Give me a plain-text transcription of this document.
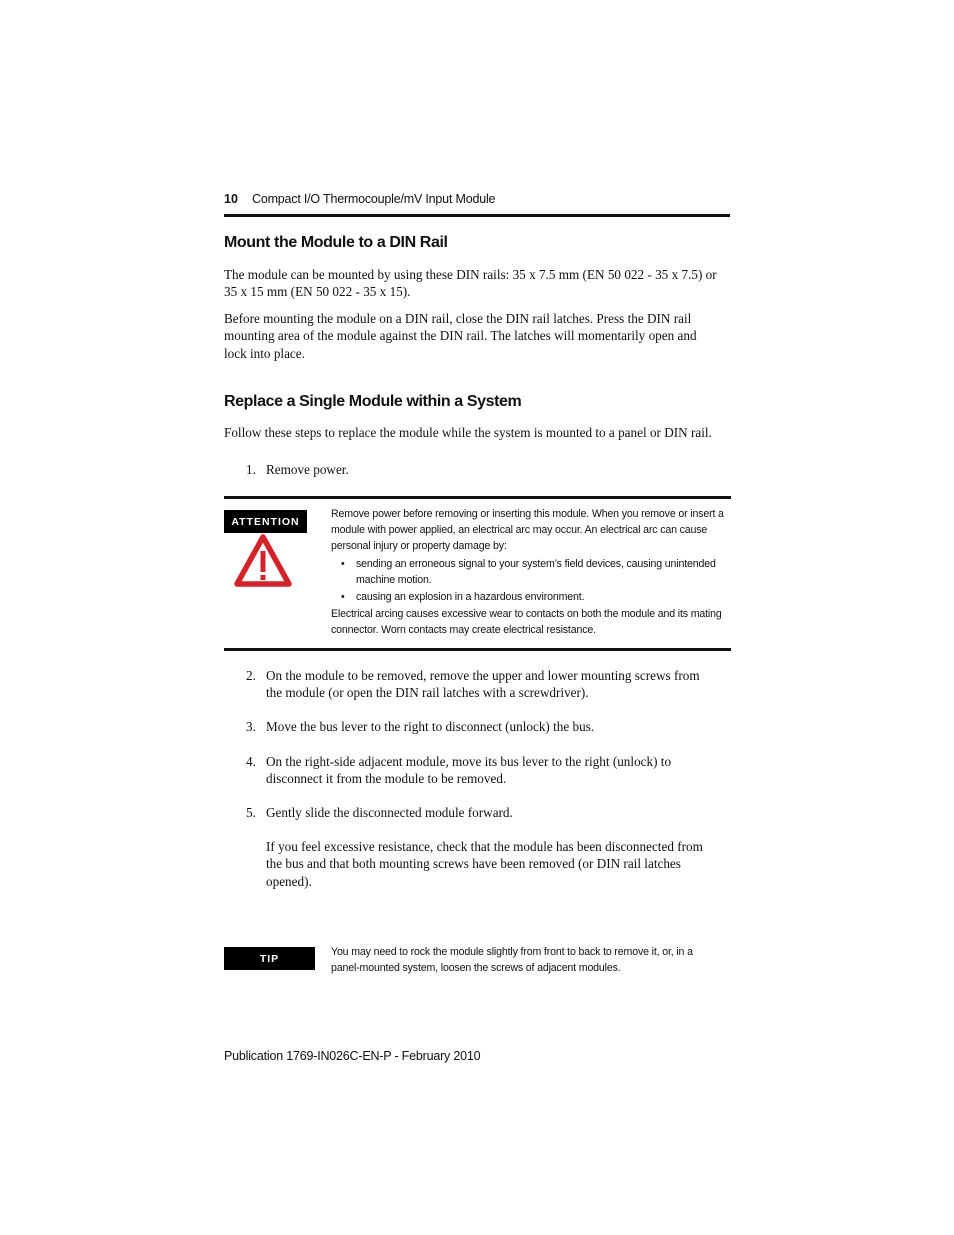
10 Compact I/O Thermocouple/mV Input Module
Mount the Module to a DIN Rail
The module can be mounted by using these DIN rails: 35 x 7.5 mm (EN 50 022 - 35 x 7.5) or
35 x 15 mm (EN 50 022 - 35 x 15).
Before mounting the module on a DIN rail, close the DIN rail latches. Press the DIN rail
mounting area of the module against the DIN rail. The latches will momentarily open and
lock into place.
Replace a Single Module within a System
Follow these steps to replace the module while the system is mounted to a panel or DIN rail.
1. Remove power.
ATTENTION
Remove power before removing or inserting this module. When you remove or insert a
module with power applied, an electrical arc may occur. An electrical arc can cause
personal injury or property damage by:
• sending an erroneous signal to your system’s field devices, causing unintended
machine motion.
• causing an explosion in a hazardous environment.
Electrical arcing causes excessive wear to contacts on both the module and its mating
connector. Worn contacts may create electrical resistance.
2. On the module to be removed, remove the upper and lower mounting screws from
the module (or open the DIN rail latches with a screwdriver).
3. Move the bus lever to the right to disconnect (unlock) the bus.
4. On the right-side adjacent module, move its bus lever to the right (unlock) to
disconnect it from the module to be removed.
5. Gently slide the disconnected module forward.
If you feel excessive resistance, check that the module has been disconnected from
the bus and that both mounting screws have been removed (or DIN rail latches
opened).
TIP
You may need to rock the module slightly from front to back to remove it, or, in a
panel-mounted system, loosen the screws of adjacent modules.
Publication 1769-IN026C-EN-P - February 2010
